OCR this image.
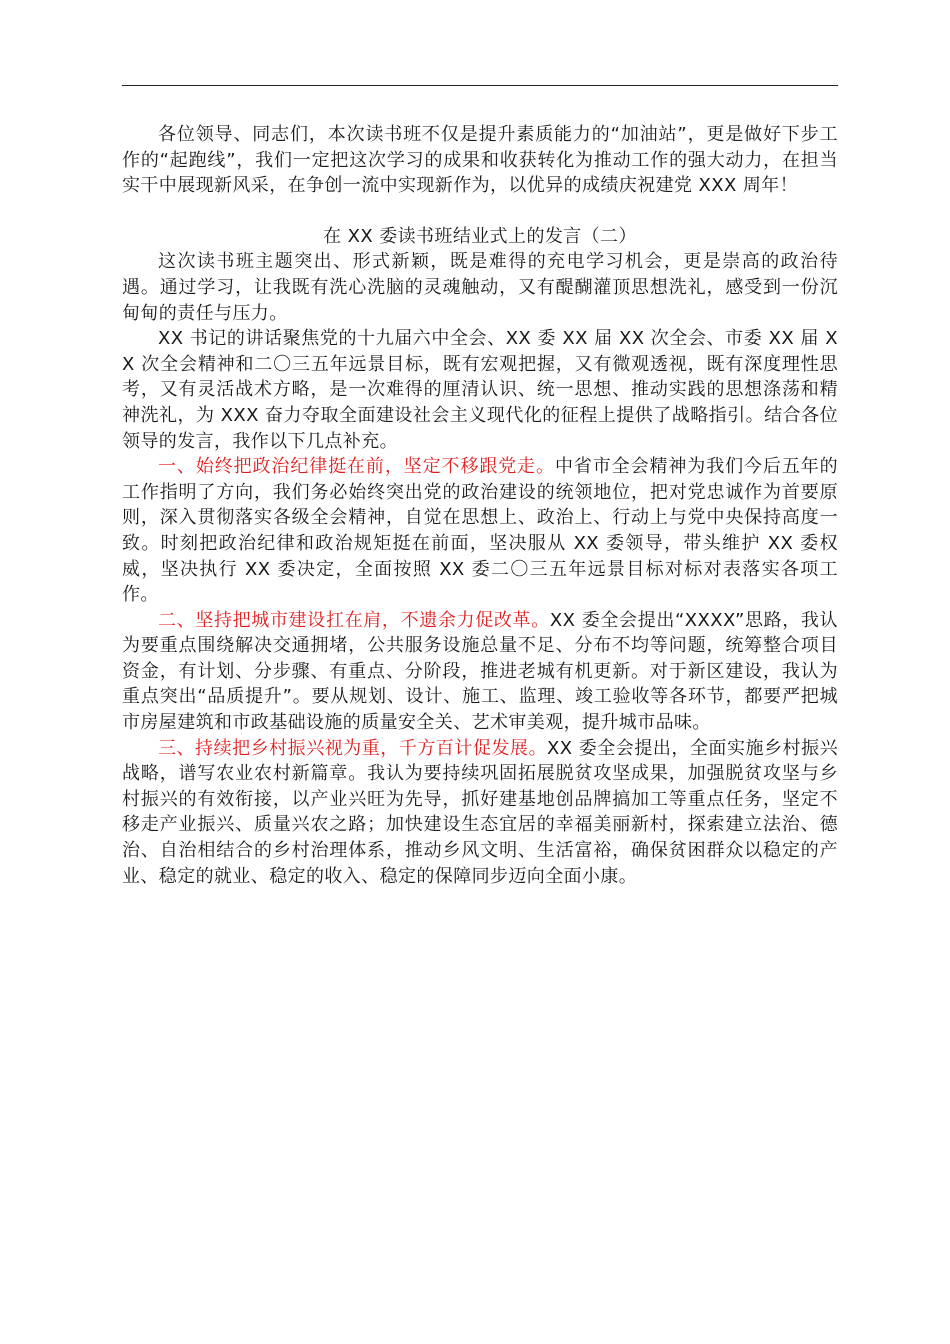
各位领导、同志们，本次读书班不仅是提升素质能力的“加油站”，更是做好下步工作的“起跑线”，我们一定把这次学习的成果和收获转化为推动工作的强大动力，在担当实干中展现新风采，在争创一流中实现新作为，以优异的成绩庆祝建党 XXX 周年！

在 XX 委读书班结业式上的发言（二）

这次读书班主题突出、形式新颖，既是难得的充电学习机会，更是崇高的政治待遇。通过学习，让我既有洗心洗脑的灵魂触动，又有醍醐灌顶思想洗礼，感受到一份沉甸甸的责任与压力。

XX 书记的讲话聚焦党的十九届六中全会、XX 委 XX 届 XX 次全会、市委 XX 届 XX 次全会精神和二〇三五年远景目标，既有宏观把握，又有微观透视，既有深度理性思考，又有灵活战术方略，是一次难得的厘清认识、统一思想、推动实践的思想涤荡和精神洗礼，为 XXX 奋力夺取全面建设社会主义现代化的征程上提供了战略指引。结合各位领导的发言，我作以下几点补充。

一、始终把政治纪律挺在前，坚定不移跟党走。中省市全会精神为我们今后五年的工作指明了方向，我们务必始终突出党的政治建设的统领地位，把对党忠诚作为首要原则，深入贯彻落实各级全会精神，自觉在思想上、政治上、行动上与党中央保持高度一致。时刻把政治纪律和政治规矩挺在前面，坚决服从 XX 委领导，带头维护 XX 委权威，坚决执行 XX 委决定，全面按照 XX 委二〇三五年远景目标对标对表落实各项工作。

二、坚持把城市建设扛在肩，不遗余力促改革。XX 委全会提出“XXXX”思路，我认为要重点围绕解决交通拥堵，公共服务设施总量不足、分布不均等问题，统筹整合项目资金，有计划、分步骤、有重点、分阶段，推进老城有机更新。对于新区建设，我认为重点突出“品质提升”。要从规划、设计、施工、监理、竣工验收等各环节，都要严把城市房屋建筑和市政基础设施的质量安全关、艺术审美观，提升城市品味。

三、持续把乡村振兴视为重，千方百计促发展。XX 委全会提出，全面实施乡村振兴战略，谱写农业农村新篇章。我认为要持续巩固拓展脱贫攻坚成果，加强脱贫攻坚与乡村振兴的有效衔接，以产业兴旺为先导，抓好建基地创品牌搞加工等重点任务，坚定不移走产业振兴、质量兴农之路；加快建设生态宜居的幸福美丽新村，探索建立法治、德治、自治相结合的乡村治理体系，推动乡风文明、生活富裕，确保贫困群众以稳定的产业、稳定的就业、稳定的收入、稳定的保障同步迈向全面小康。
